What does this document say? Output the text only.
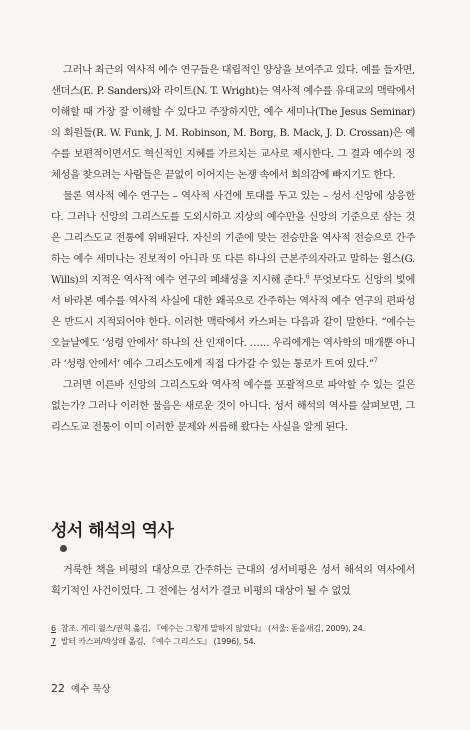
그러나 최근의 역사적 예수 연구들은 대립적인 양상을 보여주고 있다. 예를 들자면, 샌더스(E. P. Sanders)와 라이트(N. T. Wright)는 역사적 예수를 유대교의 맥락에서 이해할 때 가장 잘 이해할 수 있다고 주장하지만, 예수 세미나(The Jesus Seminar)의 회원들(R. W. Funk, J. M. Robinson, M. Borg, B. Mack, J. D. Crossan)은 예수를 보편적이면서도 혁신적인 지혜를 가르치는 교사로 제시한다. 그 결과 예수의 정체성을 찾으려는 사람들은 끝없이 이어지는 논쟁 속에서 회의감에 빠지기도 한다.

물론 역사적 예수 연구는 – 역사적 사건에 토대를 두고 있는 – 성서 신앙에 상응한다. 그러나 신앙의 그리스도를 도외시하고 지상의 예수만을 신앙의 기준으로 삼는 것은 그리스도교 전통에 위배된다. 자신의 기준에 맞는 전승만을 역사적 전승으로 간주하는 예수 세미나는 진보적이 아니라 또 다른 하나의 근본주의자라고 말하는 윌스(G. Wills)의 지적은 역사적 예수 연구의 폐쇄성을 지시해 준다.$^6$ 무엇보다도 신앙의 빛에서 바라본 예수를 역사적 사실에 대한 왜곡으로 간주하는 역사적 예수 연구의 편파성은 반드시 지적되어야 한다. 이러한 맥락에서 카스퍼는 다음과 같이 말한다. “예수는 오늘날에도 ‘성령 안에서’ 하나의 산 인재이다. …… 우리에게는 역사학의 매개뿐 아니라 ‘성령 안에서’ 예수 그리스도에게 직접 다가갈 수 있는 통로가 트여 있다.”$^7$

그러면 이른바 신앙의 그리스도와 역사적 예수를 포괄적으로 파악할 수 있는 길은 없는가? 그러나 이러한 물음은 새로운 것이 아니다. 성서 해석의 역사를 살펴보면, 그리스도교 전통이 이미 이러한 문제와 씨름해 왔다는 사실을 알게 된다.

성서 해석의 역사

거룩한 책을 비평의 대상으로 간주하는 근대의 성서비평은 성서 해석의 역사에서 획기적인 사건이었다. 그 전에는 성서가 결코 비평의 대상이 될 수 없었

6 참조. 게리 윌스/권혁 옮김, 『예수는 그렇게 말하지 않았다』 (서울: 돋을새김, 2009), 24.
7 발터 카스퍼/박상래 옮김, 『예수 그리스도』 (1996), 54.
22 예수 묵상
